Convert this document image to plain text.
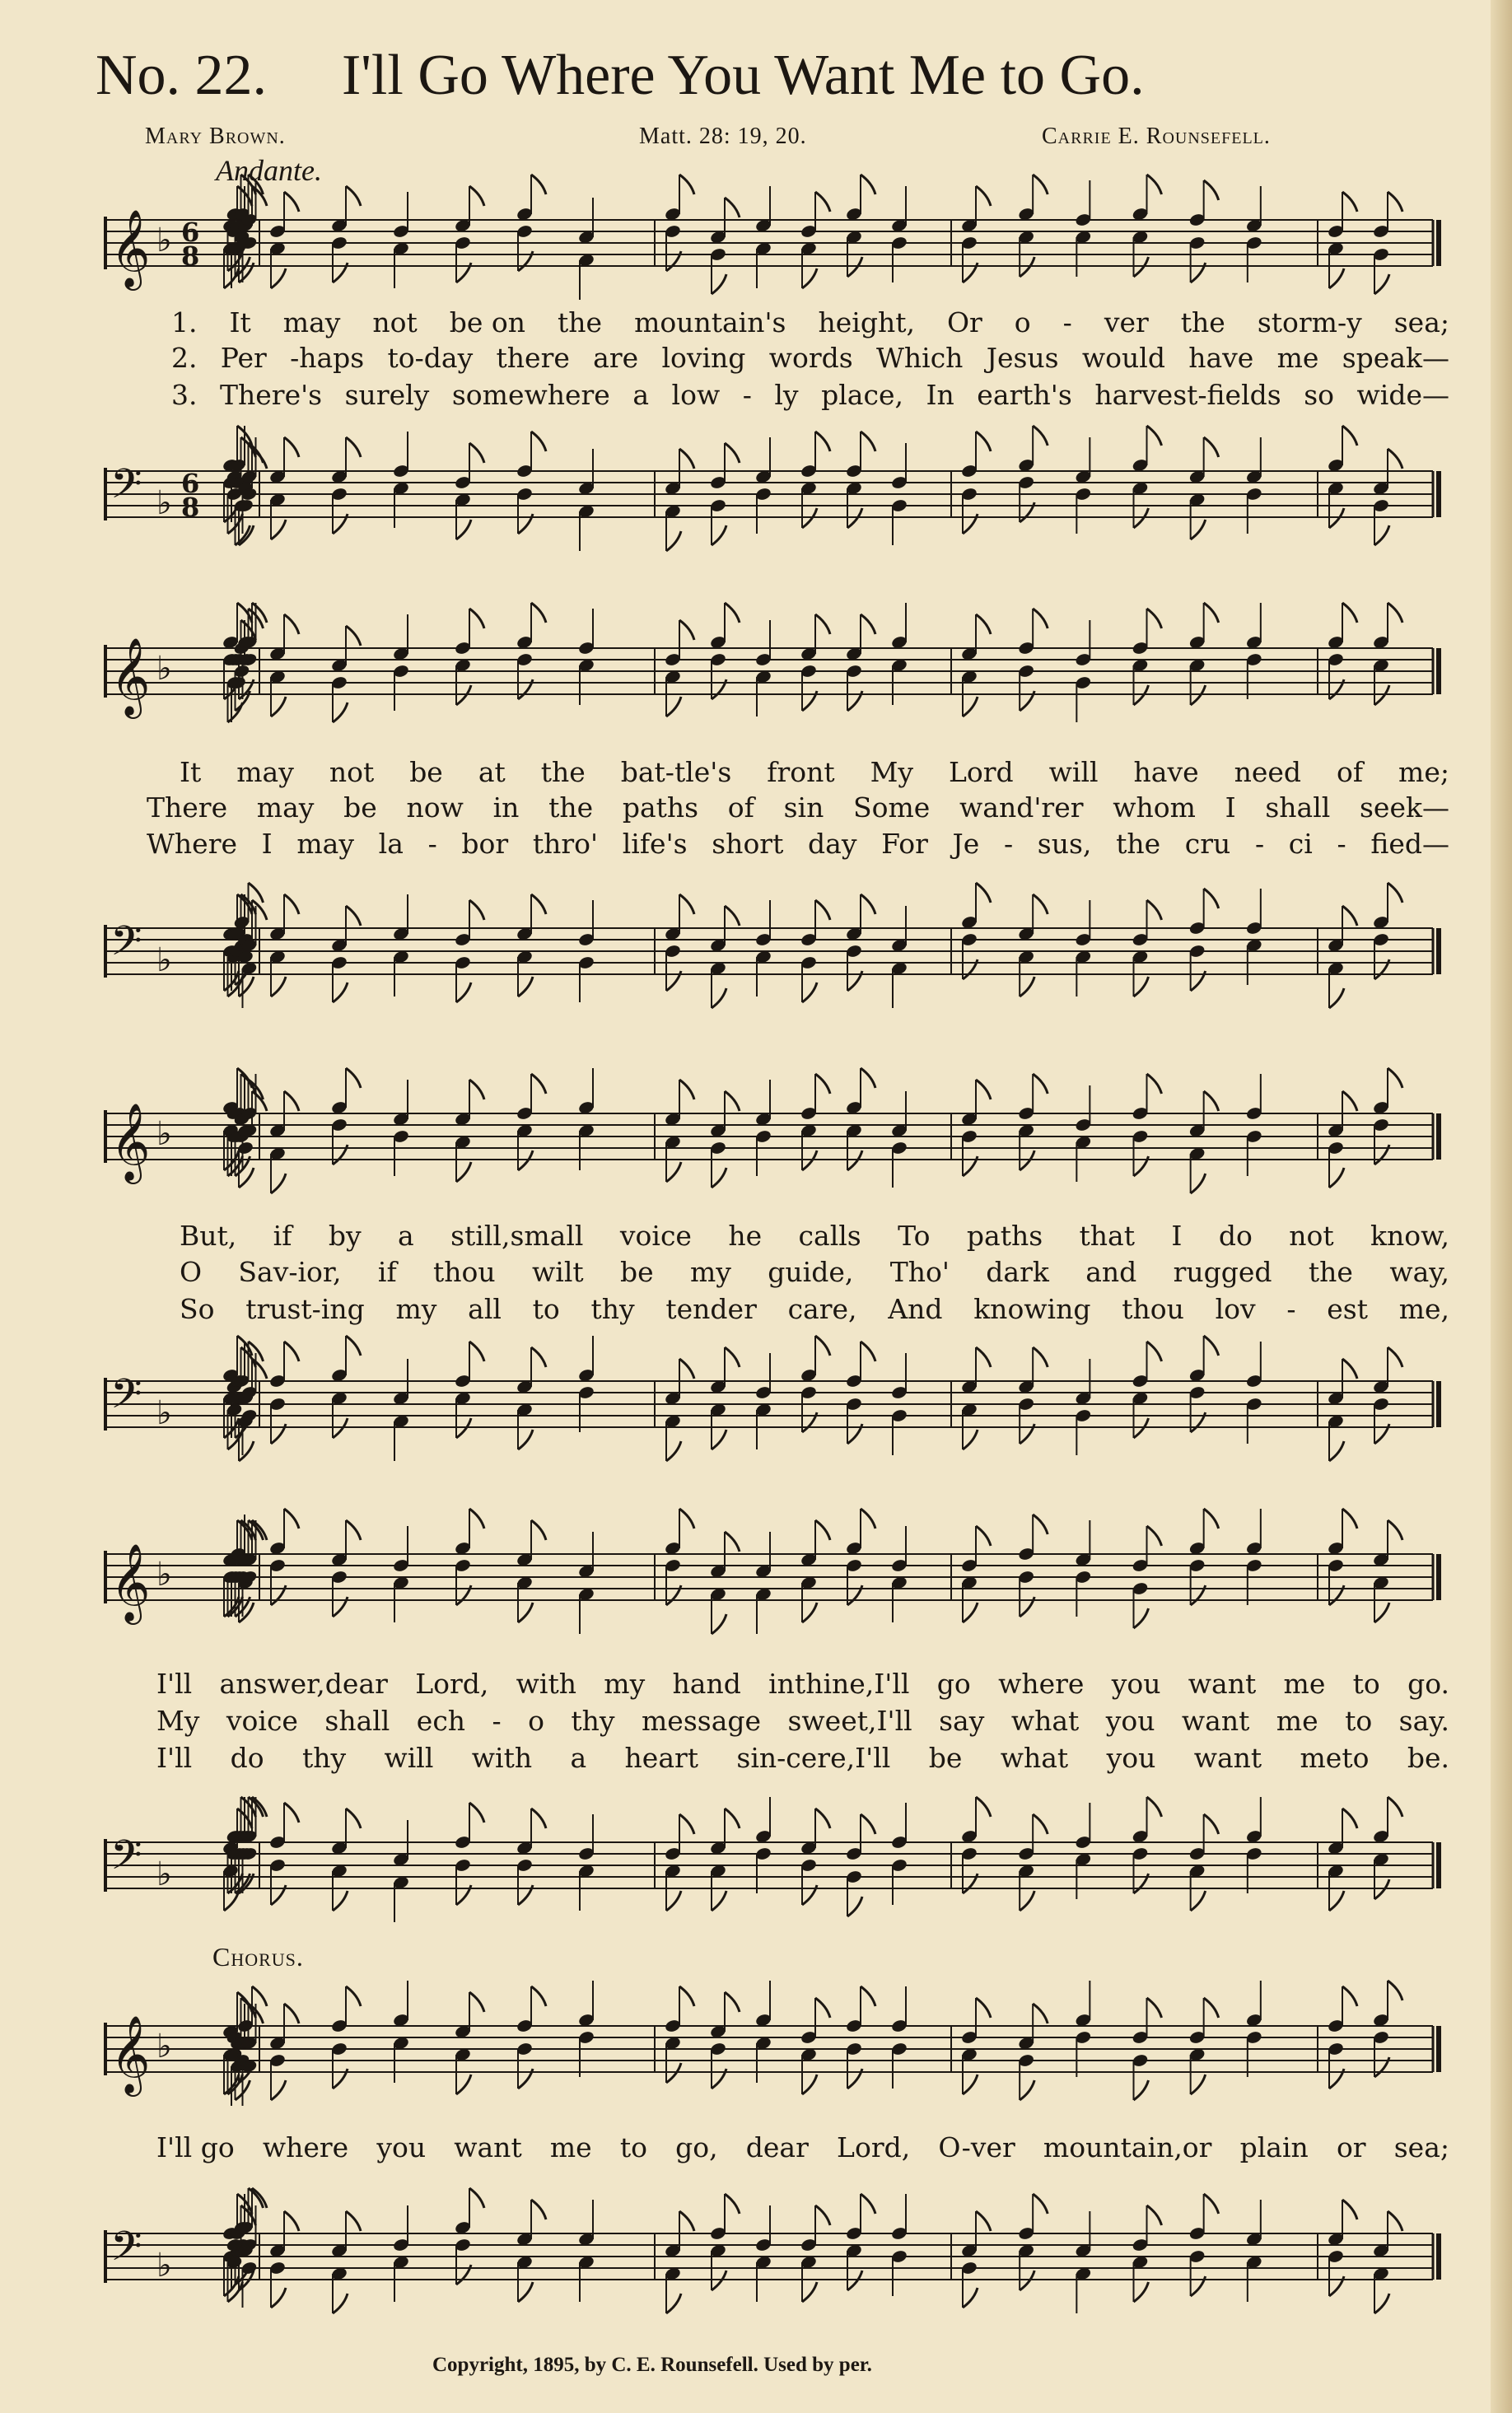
No. 22. I'll Go Where You Want Me to Go.
Mary Brown.	Matt. 28: 19, 20.	Carrie E. Rounsefell.
Andante.
𝄞 ♭ 6
8
1. It may not be on the mountain's height, Or o - ver the storm-y sea;
2. Per -haps to-day there are loving words Which Jesus would have me speak—
3. There's surely somewhere a low - ly place, In earth's harvest-fields so wide—
𝄢 ♭
6
8
𝄞 ♭
It may not be at the bat-tle's front My Lord will have need of me;
There may be now in the paths of sin Some wand'rer whom I shall seek—
Where I may la - bor thro' life's short day For Je - sus, the cru - ci - fied—
𝄢 ♭
𝄞 ♭
But, if by a still,small voice he calls To paths that I do not know,
O Sav-ior, if thou wilt be my guide, Tho' dark and rugged the way,
So trust-ing my all to thy tender care, And knowing thou lov - est me,
𝄢 ♭
𝄞 ♭
I'll answer,dear Lord, with my hand inthine,I'll go where you want me to go.
My voice shall ech - o thy message sweet,I'll say what you want me to say.
I'll do thy will with a heart sin-cere,I'll be what you want meto be.
𝄢 ♭
Chorus.
𝄞 ♭
I'll go where you want me to go, dear Lord, O-ver mountain,or plain or sea;
𝄢 ♭
Copyright, 1895, by C. E. Rounsefell. Used by per.
